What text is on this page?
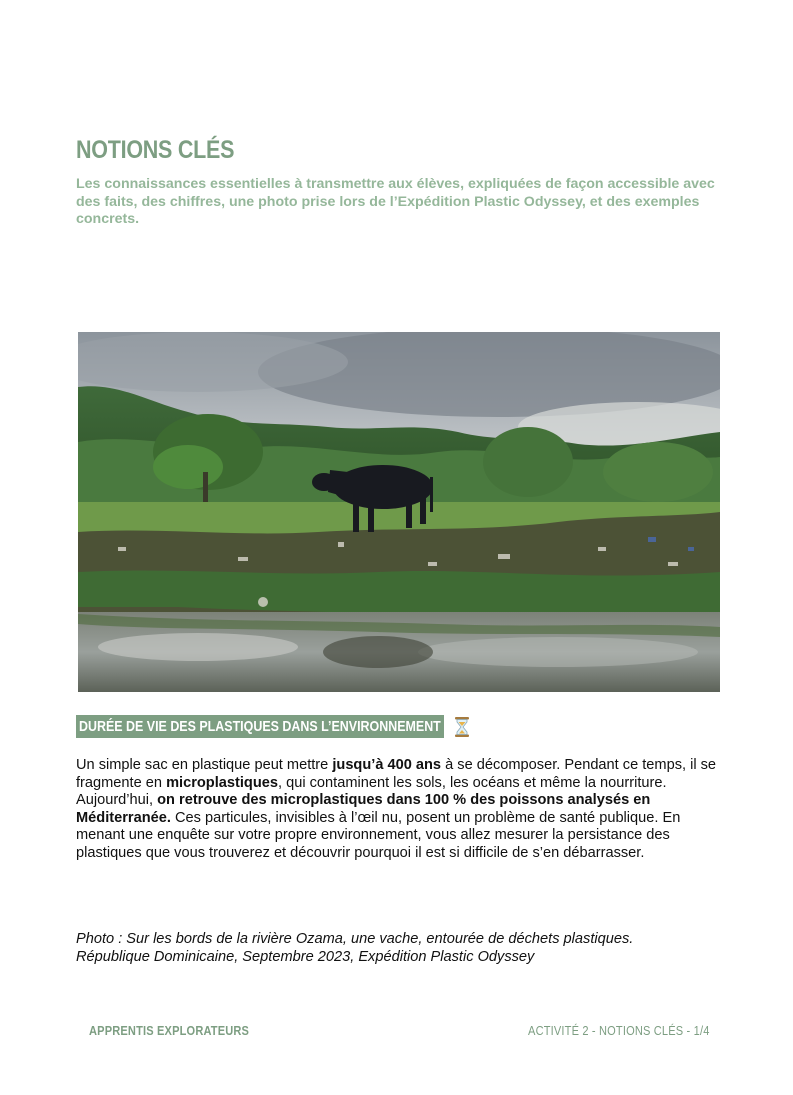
NOTIONS CLÉS

Les connaissances essentielles à transmettre aux élèves, expliquées de façon accessible avec des faits, des chiffres, une photo prise lors de l’Expédition Plastic Odyssey, et des exemples concrets.

DURÉE DE VIE DES PLASTIQUES DANS L’ENVIRONNEMENT

Un simple sac en plastique peut mettre jusqu’à 400 ans à se décomposer. Pendant ce temps, il se fragmente en microplastiques, qui contaminent les sols, les océans et même la nourriture. Aujourd’hui, on retrouve des microplastiques dans 100 % des poissons analysés en Méditerranée. Ces particules, invisibles à l’œil nu, posent un problème de santé publique. En menant une enquête sur votre propre environnement, vous allez mesurer la persistance des plastiques que vous trouverez et découvrir pourquoi il est si difficile de s’en débarrasser.

Photo : Sur les bords de la rivière Ozama, une vache, entourée de déchets plastiques.
République Dominicaine, Septembre 2023, Expédition Plastic Odyssey

APPRENTIS EXPLORATEURS	ACTIVITÉ 2 - NOTIONS CLÉS - 1/4
